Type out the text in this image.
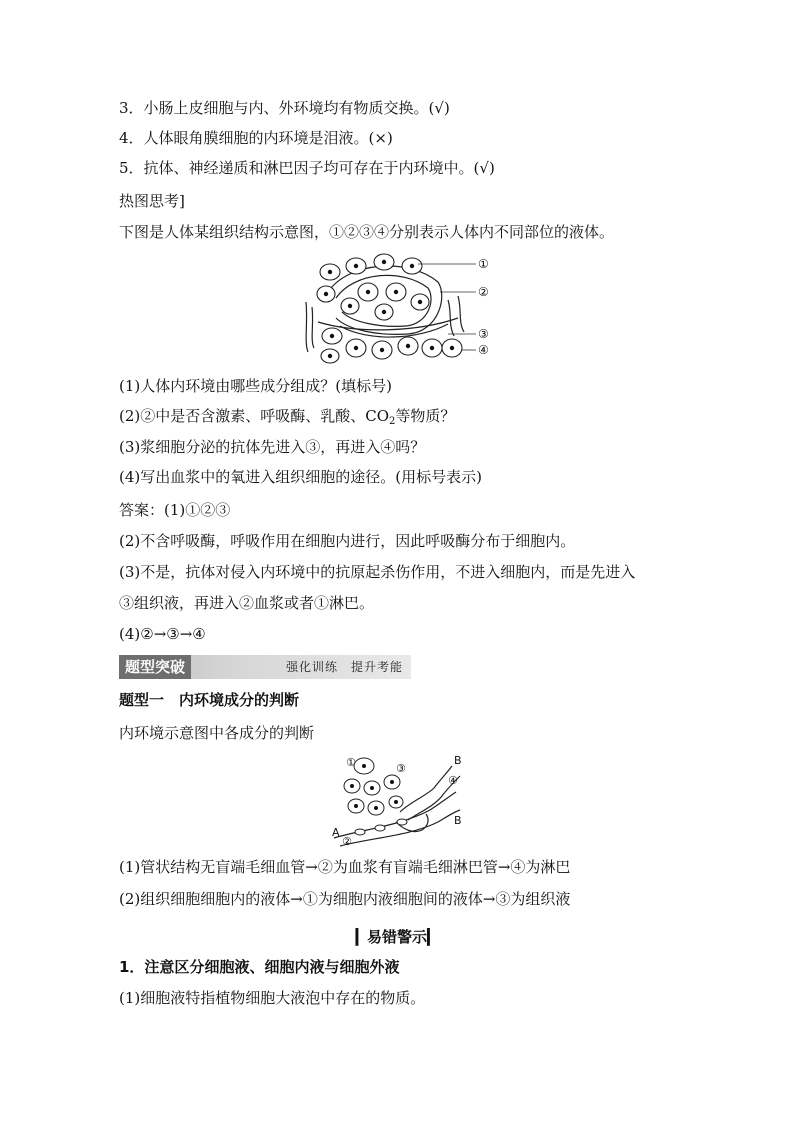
3．小肠上皮细胞与内、外环境均有物质交换。(√)
4．人体眼角膜细胞的内环境是泪液。(×)
5．抗体、神经递质和淋巴因子均可存在于内环境中。(√)
热图思考]
下图是人体某组织结构示意图，①②③④分别表示人体内不同部位的液体。
①
②
③
④
(1)人体内环境由哪些成分组成？(填标号)
(2)②中是否含激素、呼吸酶、乳酸、$CO_2$等物质？
(3)浆细胞分泌的抗体先进入③，再进入④吗？
(4)写出血浆中的氧进入组织细胞的途径。(用标号表示)
答案：(1)①②③
(2)不含呼吸酶，呼吸作用在细胞内进行，因此呼吸酶分布于细胞内。
(3)不是，抗体对侵入内环境中的抗原起杀伤作用，不进入细胞内，而是先进入
③组织液，再进入②血浆或者①淋巴。
(4)②→③→④
题型突破	强化训练　提升考能
题型一　内环境成分的判断
内环境示意图中各成分的判断
①	③
④
②
A
B
B
(1)管状结构无盲端毛细血管→②为血浆有盲端毛细淋巴管→④为淋巴
(2)组织细胞细胞内的液体→①为细胞内液细胞间的液体→③为组织液
▎易错警示▎
1．注意区分细胞液、细胞内液与细胞外液
(1)细胞液特指植物细胞大液泡中存在的物质。
